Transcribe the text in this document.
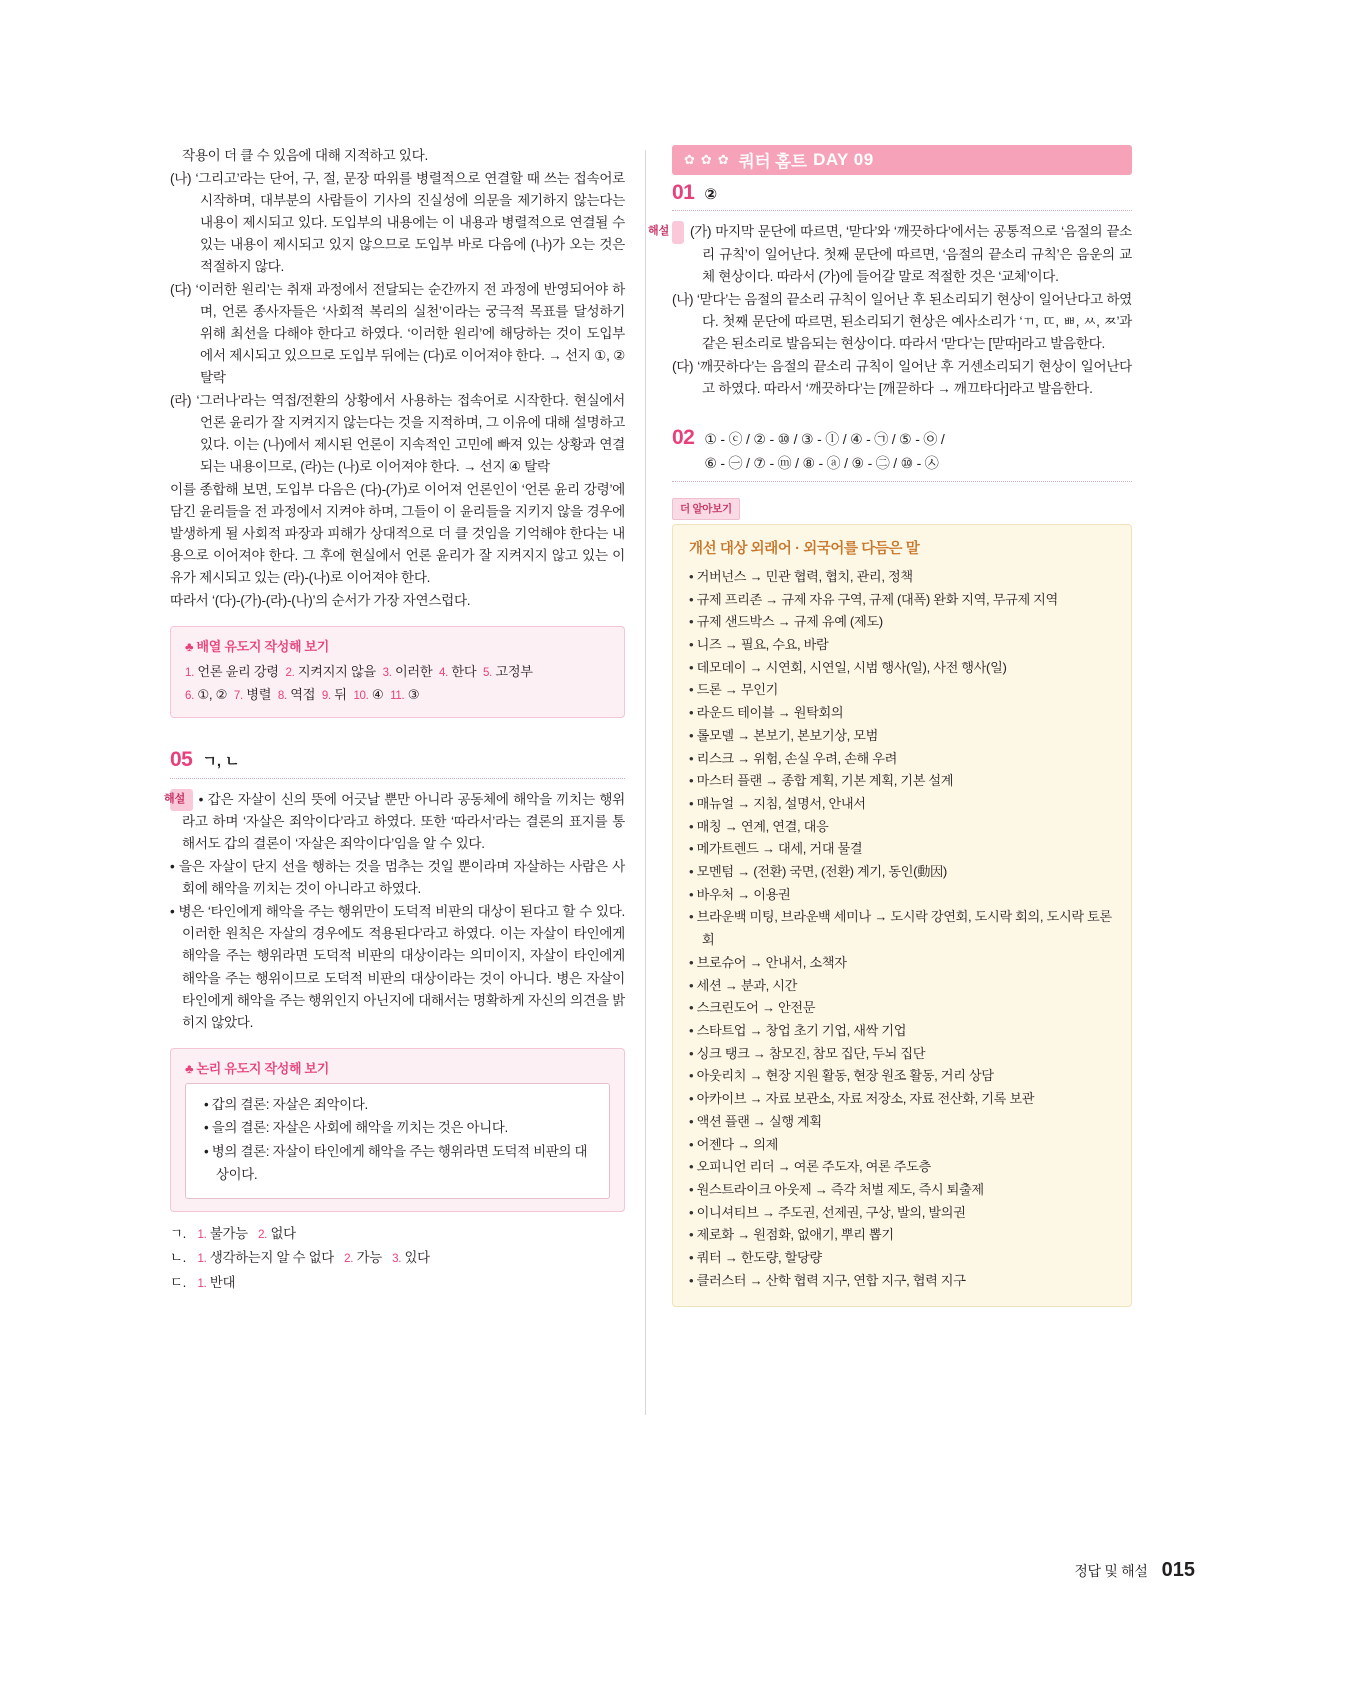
작용이 더 클 수 있음에 대해 지적하고 있다.

(나) ‘그리고’라는 단어, 구, 절, 문장 따위를 병렬적으로 연결할 때 쓰는 접속어로 시작하며, 대부분의 사람들이 기사의 진실성에 의문을 제기하지 않는다는 내용이 제시되고 있다. 도입부의 내용에는 이 내용과 병렬적으로 연결될 수 있는 내용이 제시되고 있지 않으므로 도입부 바로 다음에 (나)가 오는 것은 적절하지 않다.

(다) ‘이러한 원리’는 취재 과정에서 전달되는 순간까지 전 과정에 반영되어야 하며, 언론 종사자들은 ‘사회적 복리의 실천’이라는 궁극적 목표를 달성하기 위해 최선을 다해야 한다고 하였다. ‘이러한 원리’에 해당하는 것이 도입부에서 제시되고 있으므로 도입부 뒤에는 (다)로 이어져야 한다. → 선지 ①, ② 탈락

(라) ‘그러나’라는 역접/전환의 상황에서 사용하는 접속어로 시작한다. 현실에서 언론 윤리가 잘 지켜지지 않는다는 것을 지적하며, 그 이유에 대해 설명하고 있다. 이는 (나)에서 제시된 언론이 지속적인 고민에 빠져 있는 상황과 연결되는 내용이므로, (라)는 (나)로 이어져야 한다. → 선지 ④ 탈락

이를 종합해 보면, 도입부 다음은 (다)-(가)로 이어져 언론인이 ‘언론 윤리 강령’에 담긴 윤리들을 전 과정에서 지켜야 하며, 그들이 이 윤리들을 지키지 않을 경우에 발생하게 될 사회적 파장과 피해가 상대적으로 더 클 것임을 기억해야 한다는 내용으로 이어져야 한다. 그 후에 현실에서 언론 윤리가 잘 지켜지지 않고 있는 이유가 제시되고 있는 (라)-(나)로 이어져야 한다.

따라서 ‘(다)-(가)-(라)-(나)’의 순서가 가장 자연스럽다.

♣ 배열 유도지 작성해 보기
1. 언론 윤리 강령 2. 지켜지지 않을 3. 이러한 4. 한다 5. 고정부
6. ①, ② 7. 병렬 8. 역접 9. 뒤 10. ④ 11. ③
05 ㄱ, ㄴ

해설 • 갑은 자살이 신의 뜻에 어긋날 뿐만 아니라 공동체에 해악을 끼치는 행위라고 하며 ‘자살은 죄악이다’라고 하였다. 또한 ‘따라서’라는 결론의 표지를 통해서도 갑의 결론이 ‘자살은 죄악이다’임을 알 수 있다.

• 을은 자살이 단지 선을 행하는 것을 멈추는 것일 뿐이라며 자살하는 사람은 사회에 해악을 끼치는 것이 아니라고 하였다.

• 병은 ‘타인에게 해악을 주는 행위만이 도덕적 비판의 대상이 된다고 할 수 있다. 이러한 원칙은 자살의 경우에도 적용된다’라고 하였다. 이는 자살이 타인에게 해악을 주는 행위라면 도덕적 비판의 대상이라는 의미이지, 자살이 타인에게 해악을 주는 행위이므로 도덕적 비판의 대상이라는 것이 아니다. 병은 자살이 타인에게 해악을 주는 행위인지 아닌지에 대해서는 명확하게 자신의 의견을 밝히지 않았다.

♣ 논리 유도지 작성해 보기

• 갑의 결론: 자살은 죄악이다.

• 을의 결론: 자살은 사회에 해악을 끼치는 것은 아니다.

• 병의 결론: 자살이 타인에게 해악을 주는 행위라면 도덕적 비판의 대상이다.

ㄱ. 1. 불가능 2. 없다
ㄴ. 1. 생각하는지 알 수 없다 2. 가능 3. 있다
ㄷ. 1. 반대
✿ ✿ ✿ 쿼터 홈트 DAY 09
01 ②

해설 (가) 마지막 문단에 따르면, ‘맏다’와 ‘깨끗하다’에서는 공통적으로 ‘음절의 끝소리 규칙’이 일어난다. 첫째 문단에 따르면, ‘음절의 끝소리 규칙’은 음운의 교체 현상이다. 따라서 (가)에 들어갈 말로 적절한 것은 ‘교체’이다.

(나) ‘맏다’는 음절의 끝소리 규칙이 일어난 후 된소리되기 현상이 일어난다고 하였다. 첫째 문단에 따르면, 된소리되기 현상은 예사소리가 ‘ㄲ, ㄸ, ㅃ, ㅆ, ㅉ’과 같은 된소리로 발음되는 현상이다. 따라서 ‘맏다’는 [맏따]라고 발음한다.

(다) ‘깨끗하다’는 음절의 끝소리 규칙이 일어난 후 거센소리되기 현상이 일어난다고 하였다. 따라서 ‘깨끗하다’는 [깨끋하다 → 깨끄타다]라고 발음한다.

02 ① - ⓒ / ② - ⑩ / ③ - ⓛ / ④ - ㉠ / ⑤ - ㉧ /
⑥ - ㊀ / ⑦ - ⓜ / ⑧ - ⓐ / ⑨ - ㊁ / ⑩ - ㉦
더 알아보기
개선 대상 외래어 · 외국어를 다듬은 말
• 거버넌스 → 민관 협력, 협치, 관리, 정책
• 규제 프리존 → 규제 자유 구역, 규제 (대폭) 완화 지역, 무규제 지역
• 규제 샌드박스 → 규제 유예 (제도)
• 니즈 → 필요, 수요, 바람
• 데모데이 → 시연회, 시연일, 시범 행사(일), 사전 행사(일)
• 드론 → 무인기
• 라운드 테이블 → 원탁회의
• 롤모델 → 본보기, 본보기상, 모범
• 리스크 → 위험, 손실 우려, 손해 우려
• 마스터 플랜 → 종합 계획, 기본 계획, 기본 설계
• 매뉴얼 → 지침, 설명서, 안내서
• 매칭 → 연계, 연결, 대응
• 메가트렌드 → 대세, 거대 물결
• 모멘텀 → (전환) 국면, (전환) 계기, 동인(動因)
• 바우처 → 이용권
• 브라운백 미팅, 브라운백 세미나 → 도시락 강연회, 도시락 회의, 도시락 토론회
• 브로슈어 → 안내서, 소책자
• 세션 → 분과, 시간
• 스크린도어 → 안전문
• 스타트업 → 창업 초기 기업, 새싹 기업
• 싱크 탱크 → 참모진, 참모 집단, 두뇌 집단
• 아웃리치 → 현장 지원 활동, 현장 원조 활동, 거리 상담
• 아카이브 → 자료 보관소, 자료 저장소, 자료 전산화, 기록 보관
• 액션 플랜 → 실행 계획
• 어젠다 → 의제
• 오피니언 리더 → 여론 주도자, 여론 주도층
• 원스트라이크 아웃제 → 즉각 처벌 제도, 즉시 퇴출제
• 이니셔티브 → 주도권, 선제권, 구상, 발의, 발의권
• 제로화 → 원점화, 없애기, 뿌리 뽑기
• 쿼터 → 한도량, 할당량
• 클러스터 → 산학 협력 지구, 연합 지구, 협력 지구
정답 및 해설 015
